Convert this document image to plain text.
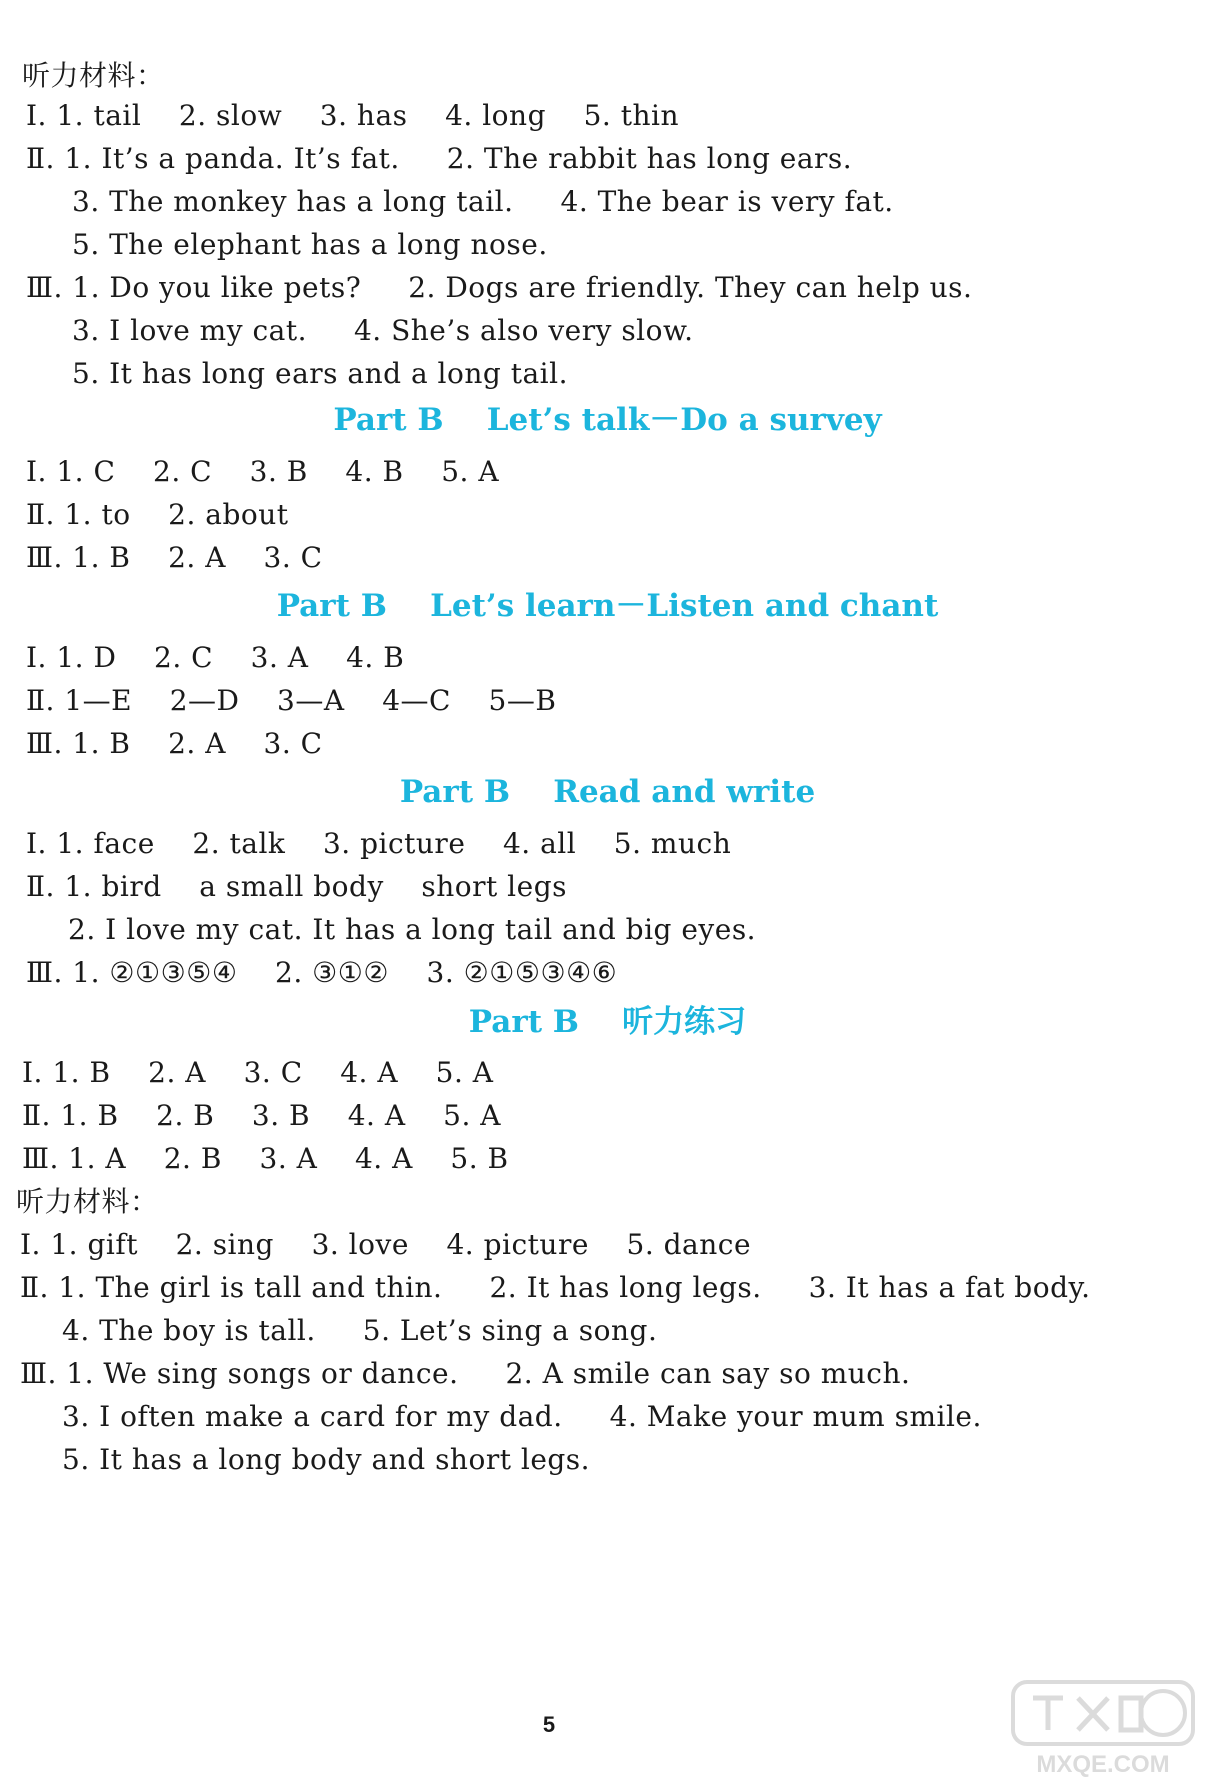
听力材料：
Ⅰ. 1. tail    2. slow    3. has    4. long    5. thin
Ⅱ. 1. It’s a panda. It’s fat.     2. The rabbit has long ears.
3. The monkey has a long tail.     4. The bear is very fat.
5. The elephant has a long nose.
Ⅲ. 1. Do you like pets?     2. Dogs are friendly. They can help us.
3. I love my cat.     4. She’s also very slow.
5. It has long ears and a long tail.
Part B    Let’s talk－Do a survey
Ⅰ. 1. C    2. C    3. B    4. B    5. A
Ⅱ. 1. to    2. about
Ⅲ. 1. B    2. A    3. C
Part B    Let’s learn－Listen and chant
Ⅰ. 1. D    2. C    3. A    4. B
Ⅱ. 1—E    2—D    3—A    4—C    5—B
Ⅲ. 1. B    2. A    3. C
Part B    Read and write
Ⅰ. 1. face    2. talk    3. picture    4. all    5. much
Ⅱ. 1. bird    a small body    short legs
2. I love my cat. It has a long tail and big eyes.
Ⅲ. 1. ②①③⑤④    2. ③①②    3. ②①⑤③④⑥
Part B    听力练习
Ⅰ. 1. B    2. A    3. C    4. A    5. A
Ⅱ. 1. B    2. B    3. B    4. A    5. A
Ⅲ. 1. A    2. B    3. A    4. A    5. B
听力材料：
Ⅰ. 1. gift    2. sing    3. love    4. picture    5. dance
Ⅱ. 1. The girl is tall and thin.     2. It has long legs.     3. It has a fat body.
4. The boy is tall.     5. Let’s sing a song.
Ⅲ. 1. We sing songs or dance.     2. A smile can say so much.
3. I often make a card for my dad.     4. Make your mum smile.
5. It has a long body and short legs.
5
MXQE.COM
